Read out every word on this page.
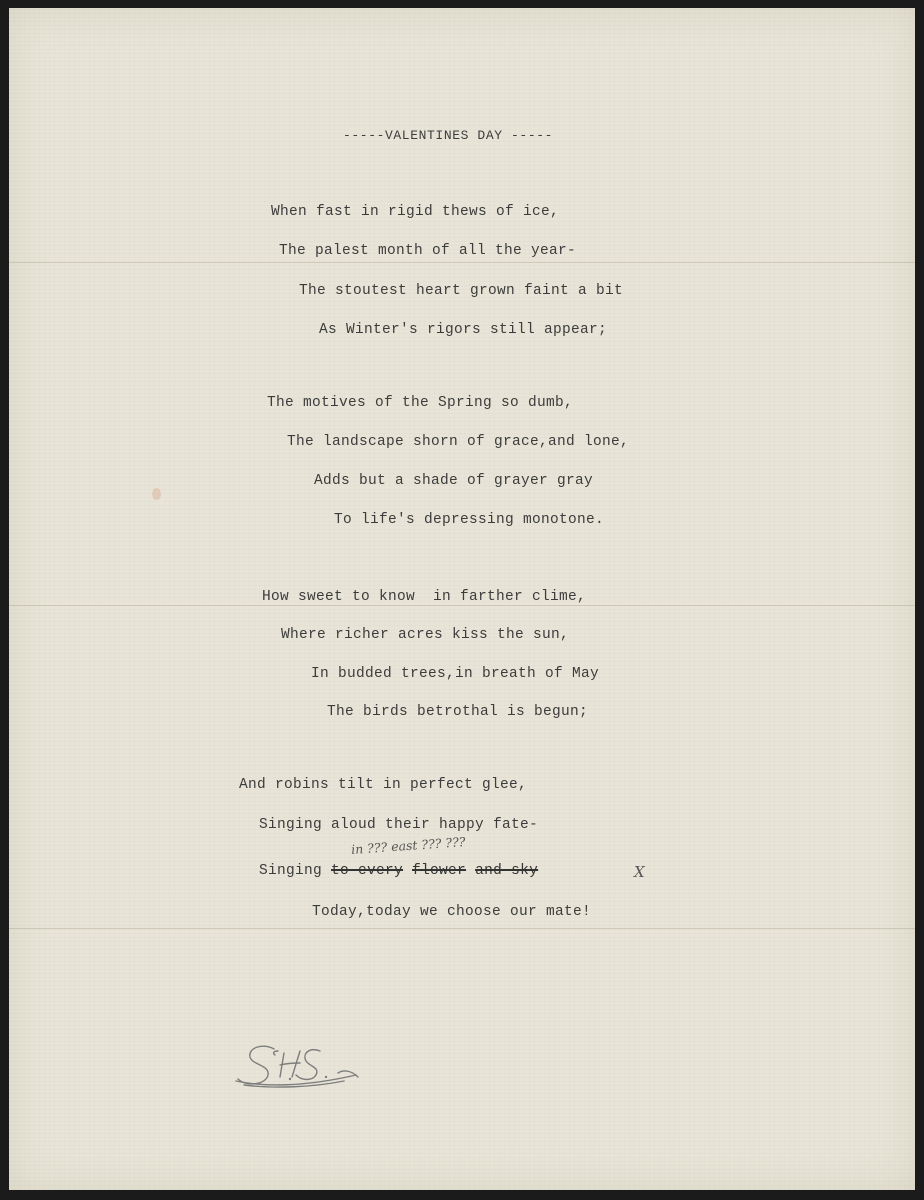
-----VALENTINES DAY -----
When fast in rigid thews of ice,
The palest month of all the year-
The stoutest heart grown faint a bit
As Winter's rigors still appear;
The motives of the Spring so dumb,
The landscape shorn of grace,and lone,
Adds but a shade of grayer gray
To life's depressing monotone.
How sweet to know  in farther clime,
Where richer acres kiss the sun,
In budded trees,in breath of May
The birds betrothal is begun;
And robins tilt in perfect glee,
Singing aloud their happy fate-
in ??? east ??? ???
Singing to every flower and sky	X
Today,today we choose our mate!
